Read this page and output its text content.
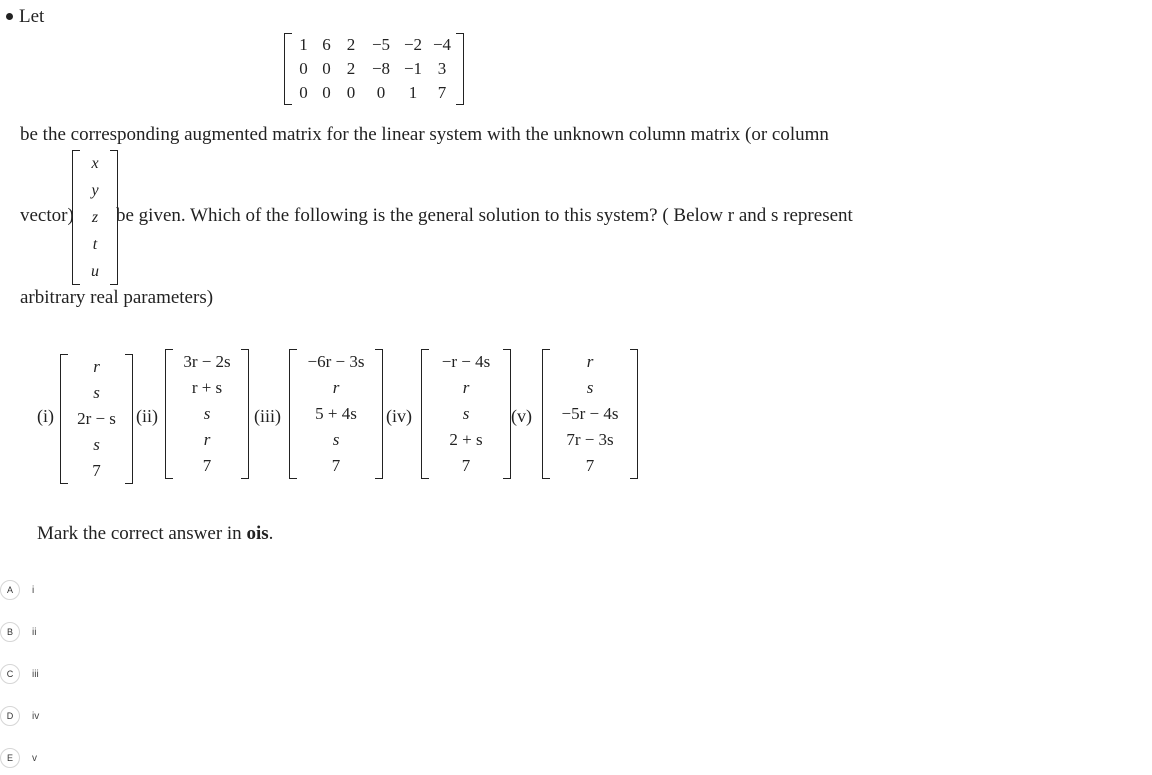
Let
1	6	2	−5	−2	−4
0	0	2	−8	−1	3
0	0	0	0	1	7
be the corresponding augmented matrix for the linear system with the unknown column matrix (or column
vector)
x
y
z
t
u
be given. Which of the following is the general solution to this system? ( Below r and s represent
arbitrary real parameters)
(i)
r
s
2r − s
s
7
(ii)
3r − 2s
r + s
s
r
7
(iii)
−6r − 3s
r
5 + 4s
s
7
(iv)
−r − 4s
r
s
2 + s
7
(v)
r
s
−5r − 4s
7r − 3s
7
Mark the correct answer in ois.
A	i
B	ii
C	iii
D	iv
E	v
